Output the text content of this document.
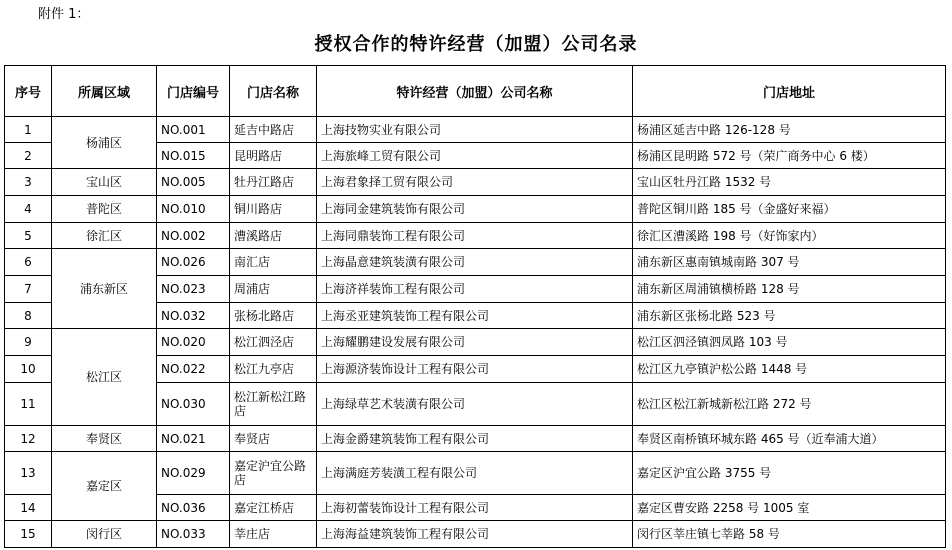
附件 1：
授权合作的特许经营（加盟）公司名录
序号	所属区域	门店编号	门店名称	特许经营（加盟）公司名称	门店地址
1	杨浦区	NO.001	延吉中路店	上海技物实业有限公司	杨浦区延吉中路 126-128 号
2		NO.015	昆明路店	上海旅峰工贸有限公司	杨浦区昆明路 572 号（荣广商务中心 6 楼）
3	宝山区	NO.005	牡丹江路店	上海君象择工贸有限公司	宝山区牡丹江路 1532 号
4	普陀区	NO.010	铜川路店	上海同金建筑装饰有限公司	普陀区铜川路 185 号（金盛好来福）
5	徐汇区	NO.002	漕溪路店	上海同鼎装饰工程有限公司	徐汇区漕溪路 198 号（好饰家内）
6	浦东新区	NO.026	南汇店	上海晶意建筑装潢有限公司	浦东新区惠南镇城南路 307 号
7		NO.023	周浦店	上海济祥装饰工程有限公司	浦东新区周浦镇横桥路 128 号
8		NO.032	张杨北路店	上海丞亚建筑装饰工程有限公司	浦东新区张杨北路 523 号
9	松江区	NO.020	松江泗泾店	上海耀鹏建设发展有限公司	松江区泗泾镇泗凤路 103 号
10		NO.022	松江九亭店	上海源济装饰设计工程有限公司	松江区九亭镇沪松公路 1448 号
11		NO.030	松江新松江路店	上海绿草艺术装潢有限公司	松江区松江新城新松江路 272 号
12	奉贤区	NO.021	奉贤店	上海金爵建筑装饰工程有限公司	奉贤区南桥镇环城东路 465 号（近奉浦大道）
13	嘉定区	NO.029	嘉定沪宜公路店	上海满庭芳装潢工程有限公司	嘉定区沪宜公路 3755 号
14		NO.036	嘉定江桥店	上海初蕾装饰设计工程有限公司	嘉定区曹安路 2258 号 1005 室
15	闵行区	NO.033	莘庄店	上海海益建筑装饰工程有限公司	闵行区莘庄镇七莘路 58 号
